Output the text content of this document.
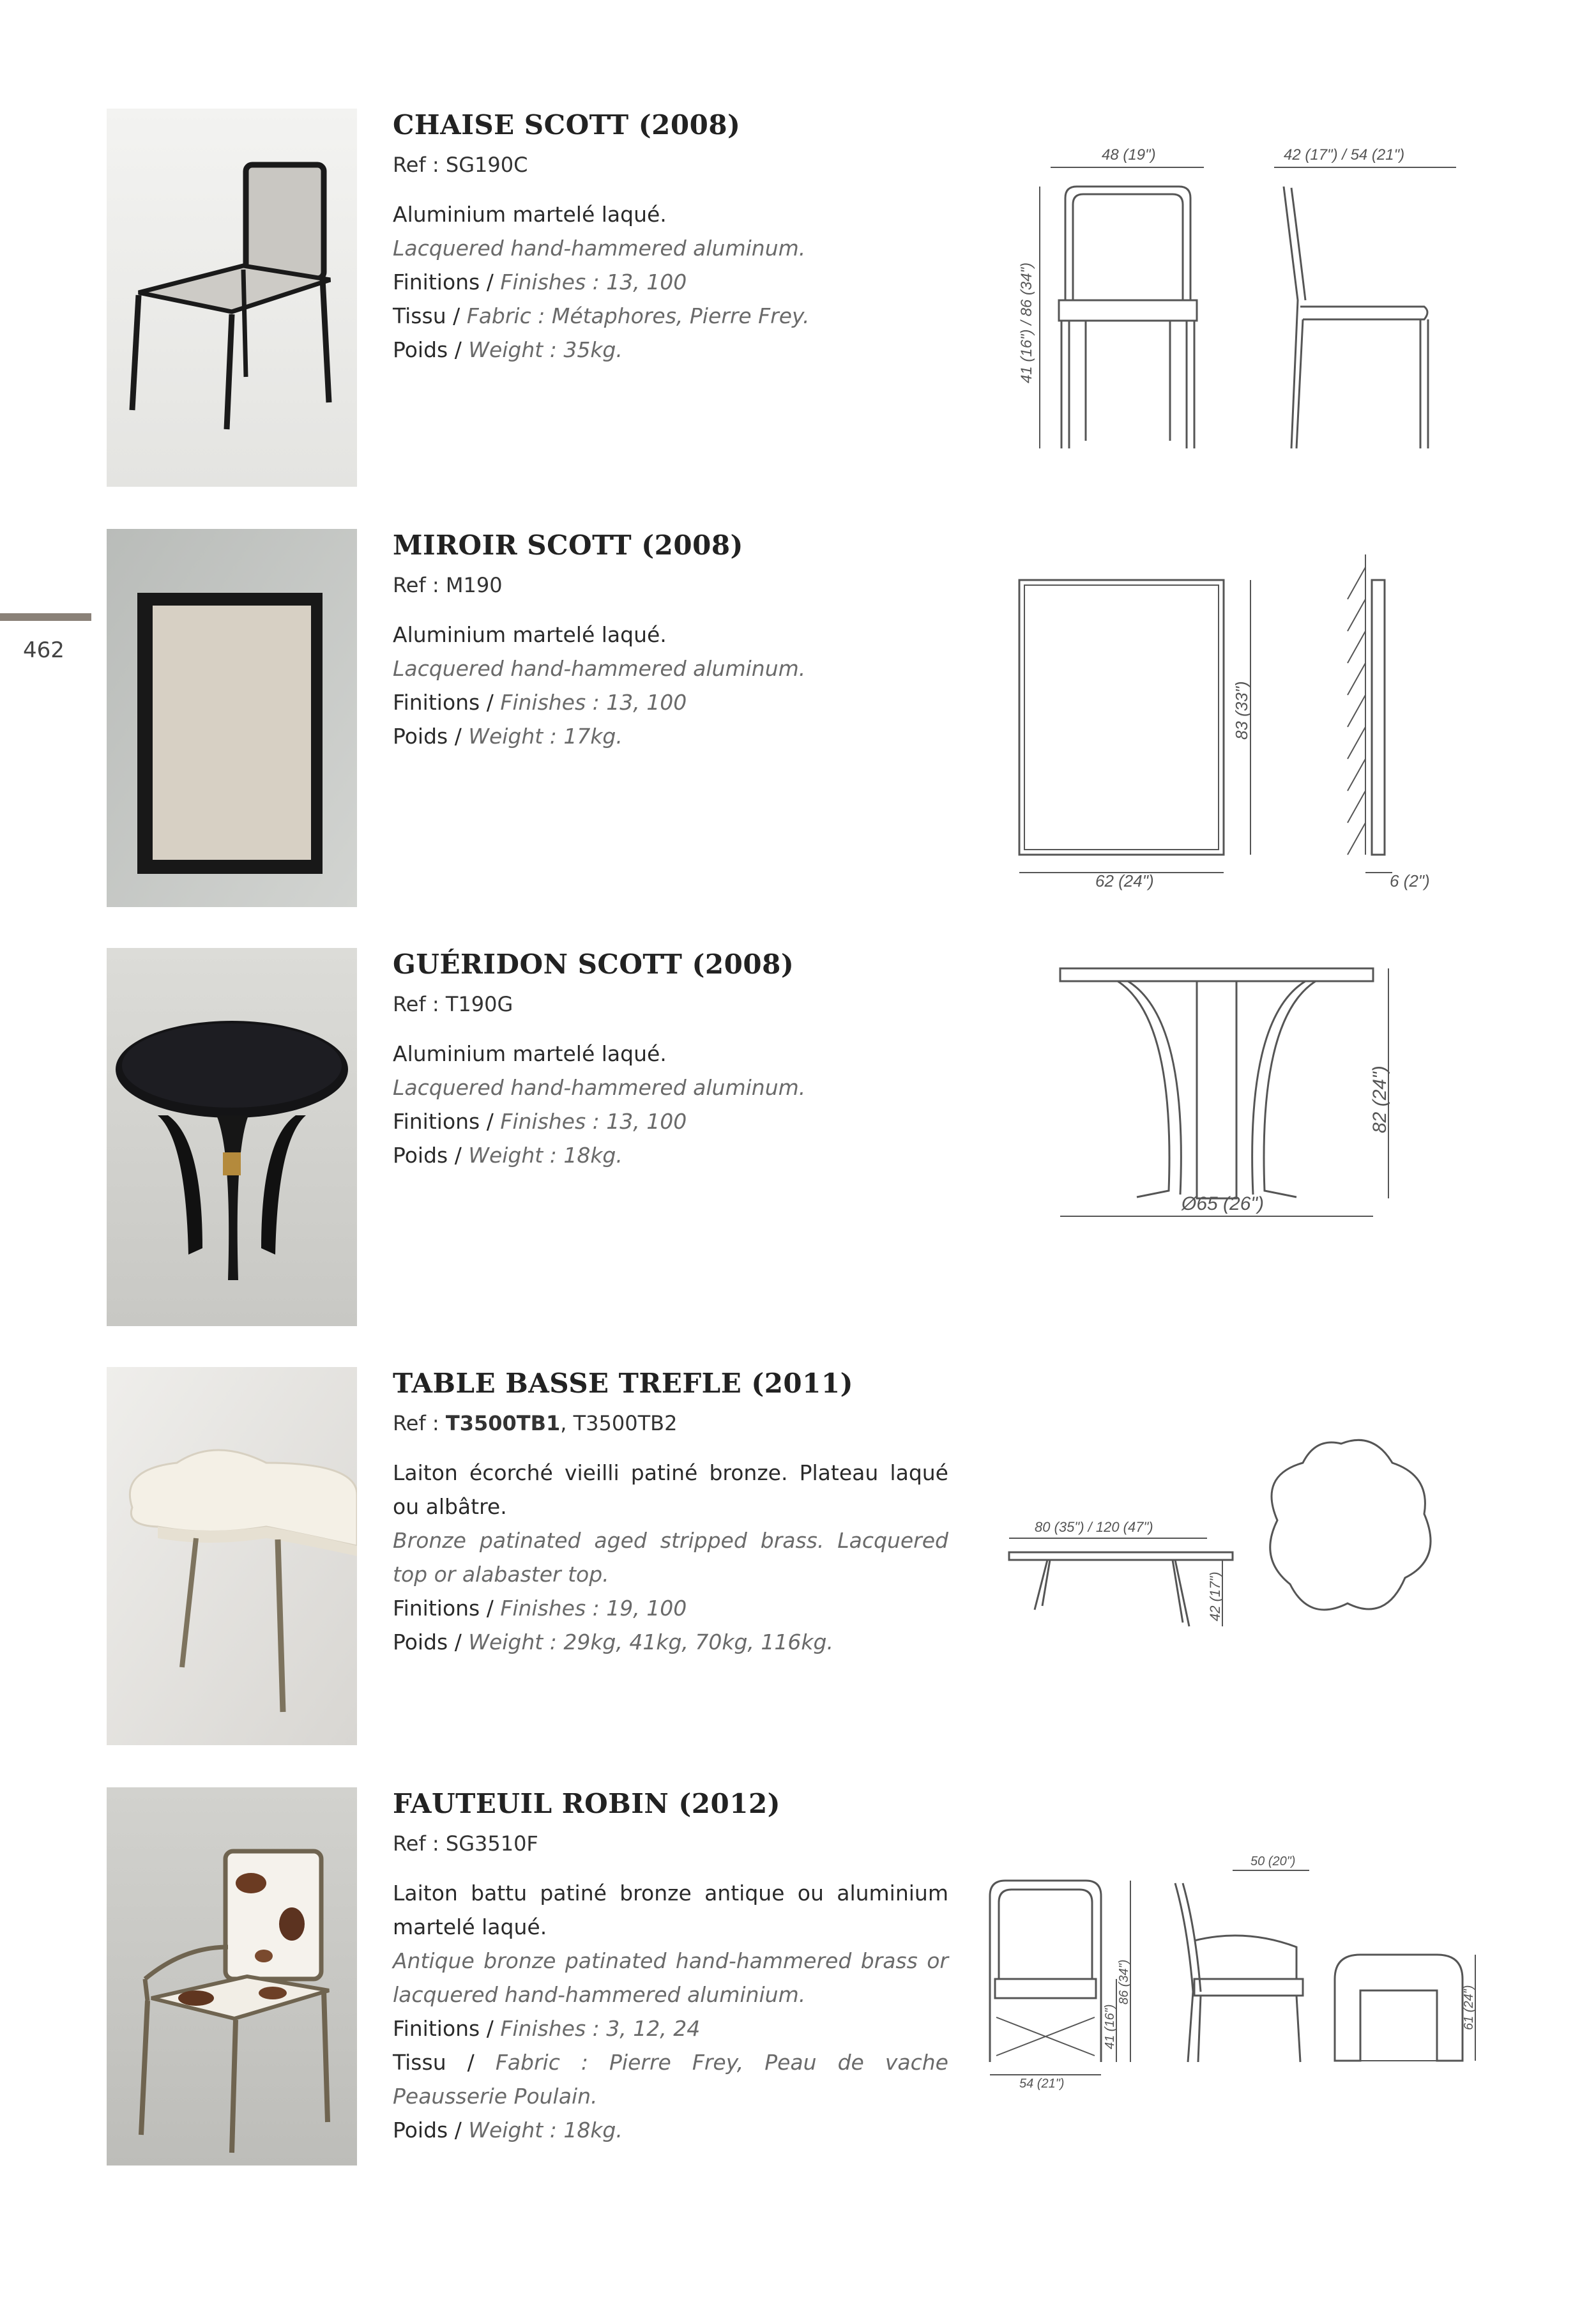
462
CHAISE SCOTT (2008)
Ref : SG190C
Aluminium martelé laqué.
Lacquered hand-hammered aluminum.
Finitions / Finishes : 13, 100
Tissu / Fabric : Métaphores, Pierre Frey.
Poids / Weight : 35kg.
48 (19")
41 (16") / 86 (34")
42 (17") / 54 (21")
MIROIR SCOTT (2008)
Ref : M190
Aluminium martelé laqué.
Lacquered hand-hammered aluminum.
Finitions / Finishes : 13, 100
Poids / Weight : 17kg.	83 (33")
62 (24")	6 (2")
GUÉRIDON SCOTT (2008)
Ref : T190G
Aluminium martelé laqué.
Lacquered hand-hammered aluminum.
Finitions / Finishes : 13, 100
Poids / Weight : 18kg.
82 (24")
Ø65 (26")
TABLE BASSE TREFLE (2011)
Ref : T3500TB1, T3500TB2
Laiton écorché vieilli patiné bronze. Plateau laqué ou albâtre.
Bronze patinated aged stripped brass. Lacquered top or alabaster top.
Finitions / Finishes : 19, 100
Poids / Weight : 29kg, 41kg, 70kg, 116kg.
80 (35") / 120 (47")
42 (17")
FAUTEUIL ROBIN (2012)
Ref : SG3510F
Laiton battu patiné bronze antique ou aluminium martelé laqué.
Antique bronze patinated hand-hammered brass or lacquered hand-hammered aluminium.
Finitions / Finishes : 3, 12, 24
Tissu / Fabric : Pierre Frey, Peau de vache Peausserie Poulain.
Poids / Weight : 18kg.
54 (21")
41 (16")
86 (34")
50 (20")
61 (24")
